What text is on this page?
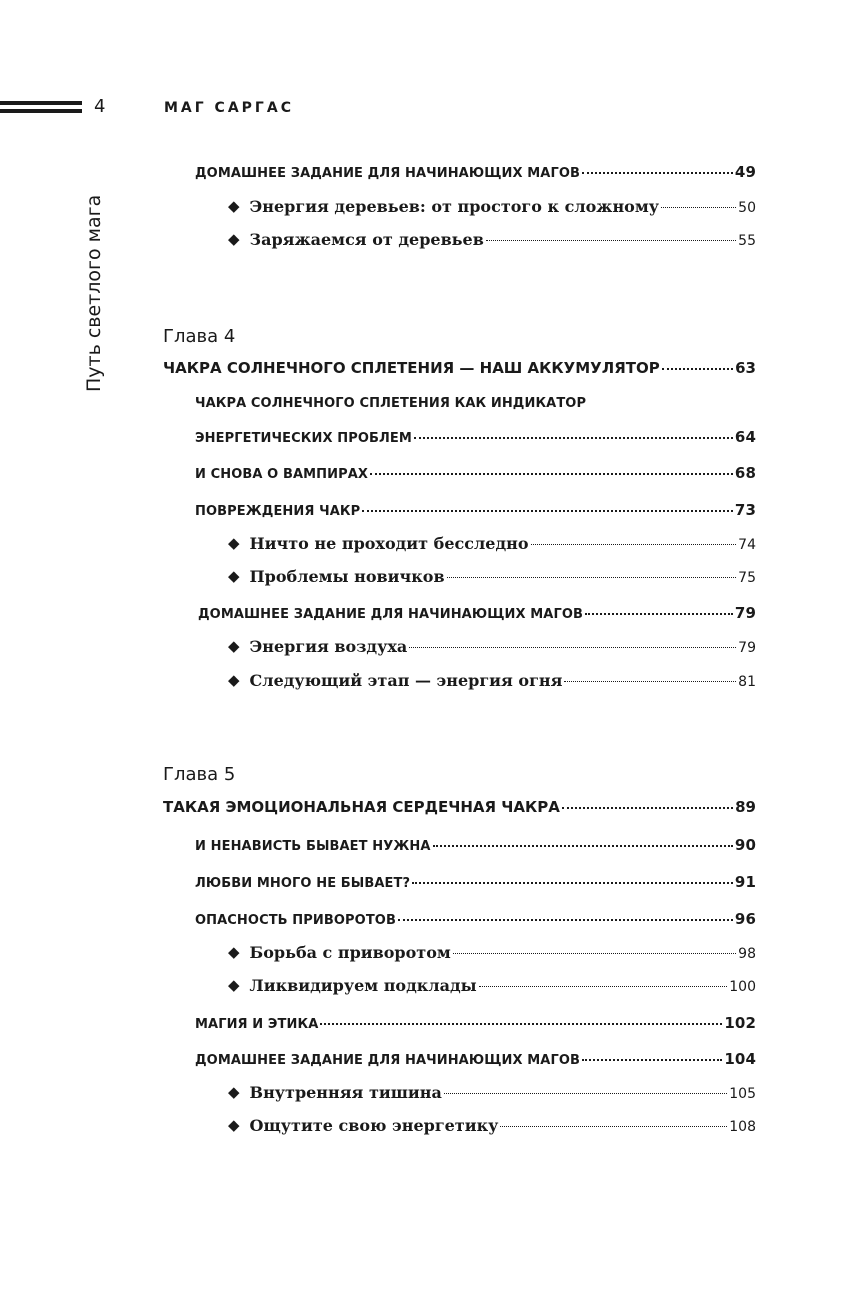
4	МАГ САРГАС
Путь светлого мага
ДОМАШНЕЕ ЗАДАНИЕ ДЛЯ НАЧИНАЮЩИХ МАГОВ	49
◆ Энергия деревьев: от простого к сложному	50
◆ Заряжаемся от деревьев	55
Глава 4
ЧАКРА СОЛНЕЧНОГО СПЛЕТЕНИЯ — НАШ АККУМУЛЯТОР	63
ЧАКРА СОЛНЕЧНОГО СПЛЕТЕНИЯ КАК ИНДИКАТОР
ЭНЕРГЕТИЧЕСКИХ ПРОБЛЕМ	64
И СНОВА О ВАМПИРАХ	68
ПОВРЕЖДЕНИЯ ЧАКР	73
◆ Ничто не проходит бесследно	74
◆ Проблемы новичков	75
ДОМАШНЕЕ ЗАДАНИЕ ДЛЯ НАЧИНАЮЩИХ МАГОВ	79
◆ Энергия воздуха	79
◆ Следующий этап — энергия огня	81
Глава 5
ТАКАЯ ЭМОЦИОНАЛЬНАЯ СЕРДЕЧНАЯ ЧАКРА	89
И НЕНАВИСТЬ БЫВАЕТ НУЖНА	90
ЛЮБВИ МНОГО НЕ БЫВАЕТ?	91
ОПАСНОСТЬ ПРИВОРОТОВ	96
◆ Борьба с приворотом	98
◆ Ликвидируем подклады	100
МАГИЯ И ЭТИКА	102
ДОМАШНЕЕ ЗАДАНИЕ ДЛЯ НАЧИНАЮЩИХ МАГОВ	104
◆ Внутренняя тишина	105
◆ Ощутите свою энергетику	108
